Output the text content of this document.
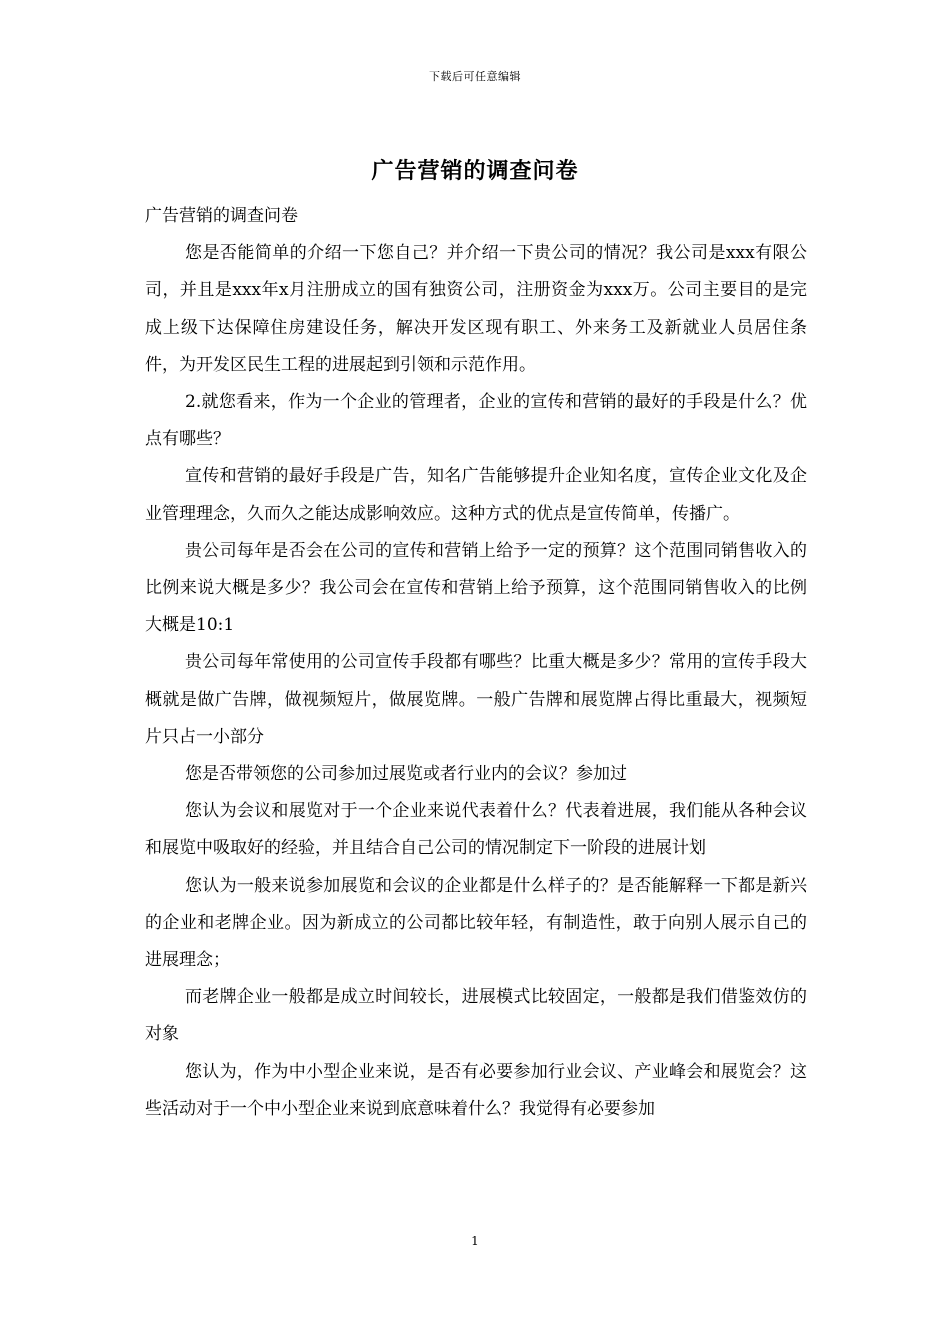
下载后可任意编辑
广告营销的调查问卷

广告营销的调查问卷

您是否能简单的介绍一下您自己？并介绍一下贵公司的情况？我公司是xxx有限公司，并且是xxx年x月注册成立的国有独资公司，注册资金为xxx万。公司主要目的是完成上级下达保障住房建设任务，解决开发区现有职工、外来务工及新就业人员居住条件，为开发区民生工程的进展起到引领和示范作用。

2.就您看来，作为一个企业的管理者，企业的宣传和营销的最好的手段是什么？优点有哪些？

宣传和营销的最好手段是广告，知名广告能够提升企业知名度，宣传企业文化及企业管理理念，久而久之能达成影响效应。这种方式的优点是宣传简单，传播广。

贵公司每年是否会在公司的宣传和营销上给予一定的预算？这个范围同销售收入的比例来说大概是多少？我公司会在宣传和营销上给予预算，这个范围同销售收入的比例大概是10:1

贵公司每年常使用的公司宣传手段都有哪些？比重大概是多少？常用的宣传手段大概就是做广告牌，做视频短片，做展览牌。一般广告牌和展览牌占得比重最大，视频短片只占一小部分

您是否带领您的公司参加过展览或者行业内的会议？参加过

您认为会议和展览对于一个企业来说代表着什么？代表着进展，我们能从各种会议和展览中吸取好的经验，并且结合自己公司的情况制定下一阶段的进展计划

您认为一般来说参加展览和会议的企业都是什么样子的？是否能解释一下都是新兴的企业和老牌企业。因为新成立的公司都比较年轻，有制造性，敢于向别人展示自己的进展理念；

而老牌企业一般都是成立时间较长，进展模式比较固定，一般都是我们借鉴效仿的对象

您认为，作为中小型企业来说，是否有必要参加行业会议、产业峰会和展览会？这些活动对于一个中小型企业来说到底意味着什么？我觉得有必要参加

1
